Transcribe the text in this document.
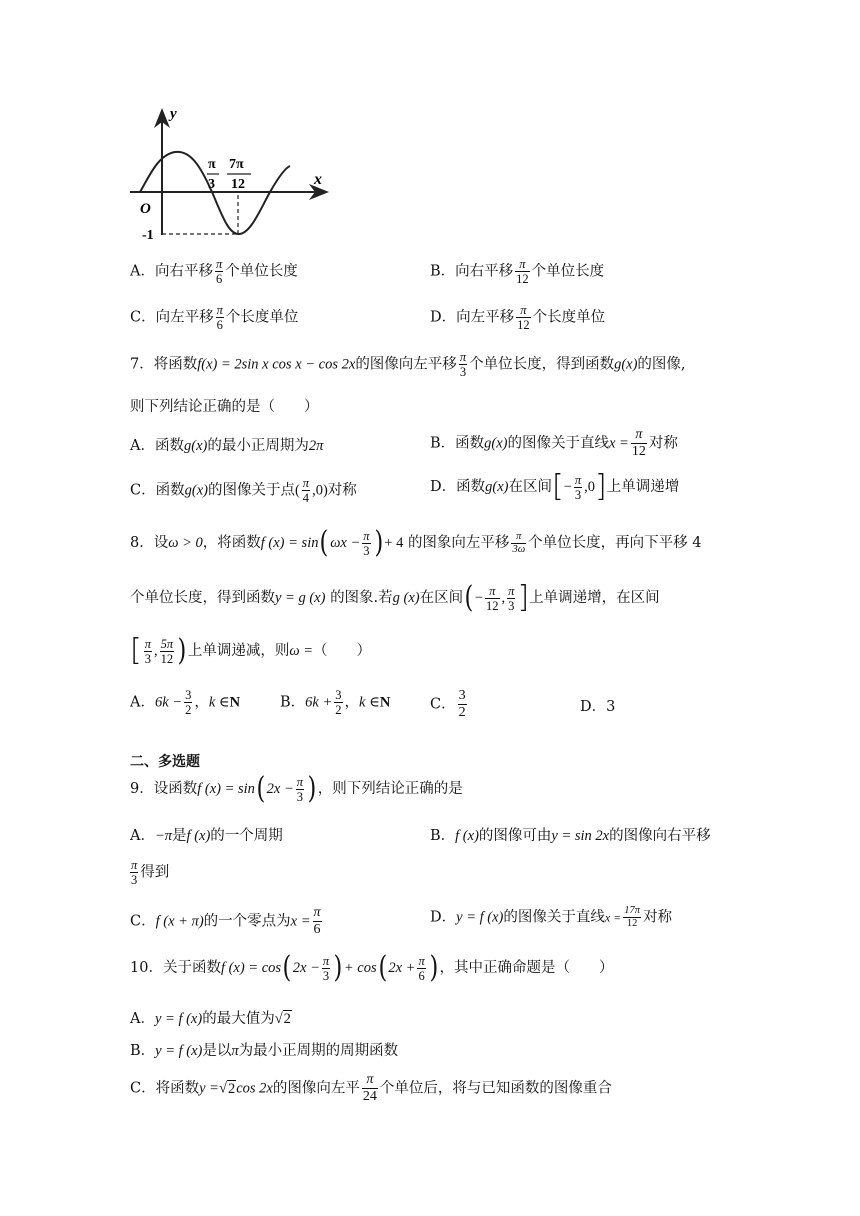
y
x
O
π
3
7π
12
-1
A．向右平移 $\frac{\pi}{6}$ 个单位长度	B．向右平移 $\frac{\pi}{12}$ 个单位长度
C．向左平移 $\frac{\pi}{6}$ 个长度单位	D．向左平移 $\frac{\pi}{12}$ 个长度单位
7．将函数f(x) = 2sin x cos x − cos 2x的图像向左平移 $\frac{\pi}{3}$ 个单位长度，得到函数g(x)的图像,
则下列结论正确的是（　　）
A．函数g(x)的最小正周期为2π	B．函数g(x)的图像关于直线$x = \frac{\pi}{12}$ 对称
C．函数g(x)的图像关于点( $\frac{\pi}{4} ,0$)对称	D．函数g(x)在区间[− $\frac{\pi}{3} ,0$]上单调递增
8．设ω > 0，将函数f $(x) = \sin(\omega x - \frac{\pi}{3}$ )+ 4 的图象向左平移 $\frac{\pi}{3\omega}$ 个单位长度，再向下平移 4
个单位长度，得到函数y = g (x) 的图象.若g (x)在区间(− $\frac{\pi}{12}$ , $\frac{\pi}{3}$ ]上单调递增，在区间
[ $\frac{\pi}{3}$ , $\frac{5\pi}{12}$ )上单调递减，则ω =（　　）
A．$6k - \frac{3}{2}$ ，k ∈N	B．$6k + \frac{3}{2}$ ，k ∈N	C． $\frac{3}{2}$	D．3
二、多选题
9．设函数f $(x) = \sin(2x - \frac{\pi}{3}$ )，则下列结论正确的是
A．−π是f (x)的一个周期	B．f (x)的图像可由y = sin 2x的图像向右平移
$\frac{\pi}{3}$ 得到
C．f (x + π)的一个零点为$x = \frac{\pi}{6}$	D．y = f (x)的图像关于直线$x = \frac{17\pi}{12}$ 对称
10．关于函数f $(x) = \cos(2x - \frac{\pi}{3}$ )+ $\cos(2x + \frac{\pi}{6}$ )，其中正确命题是（　　）
A．y = f (x)的最大值为√2
B．y = f (x)是以π为最小正周期的周期函数
C．将函数y =√2cos 2x的图像向左平 $\frac{\pi}{24}$ 个单位后，将与已知函数的图像重合
